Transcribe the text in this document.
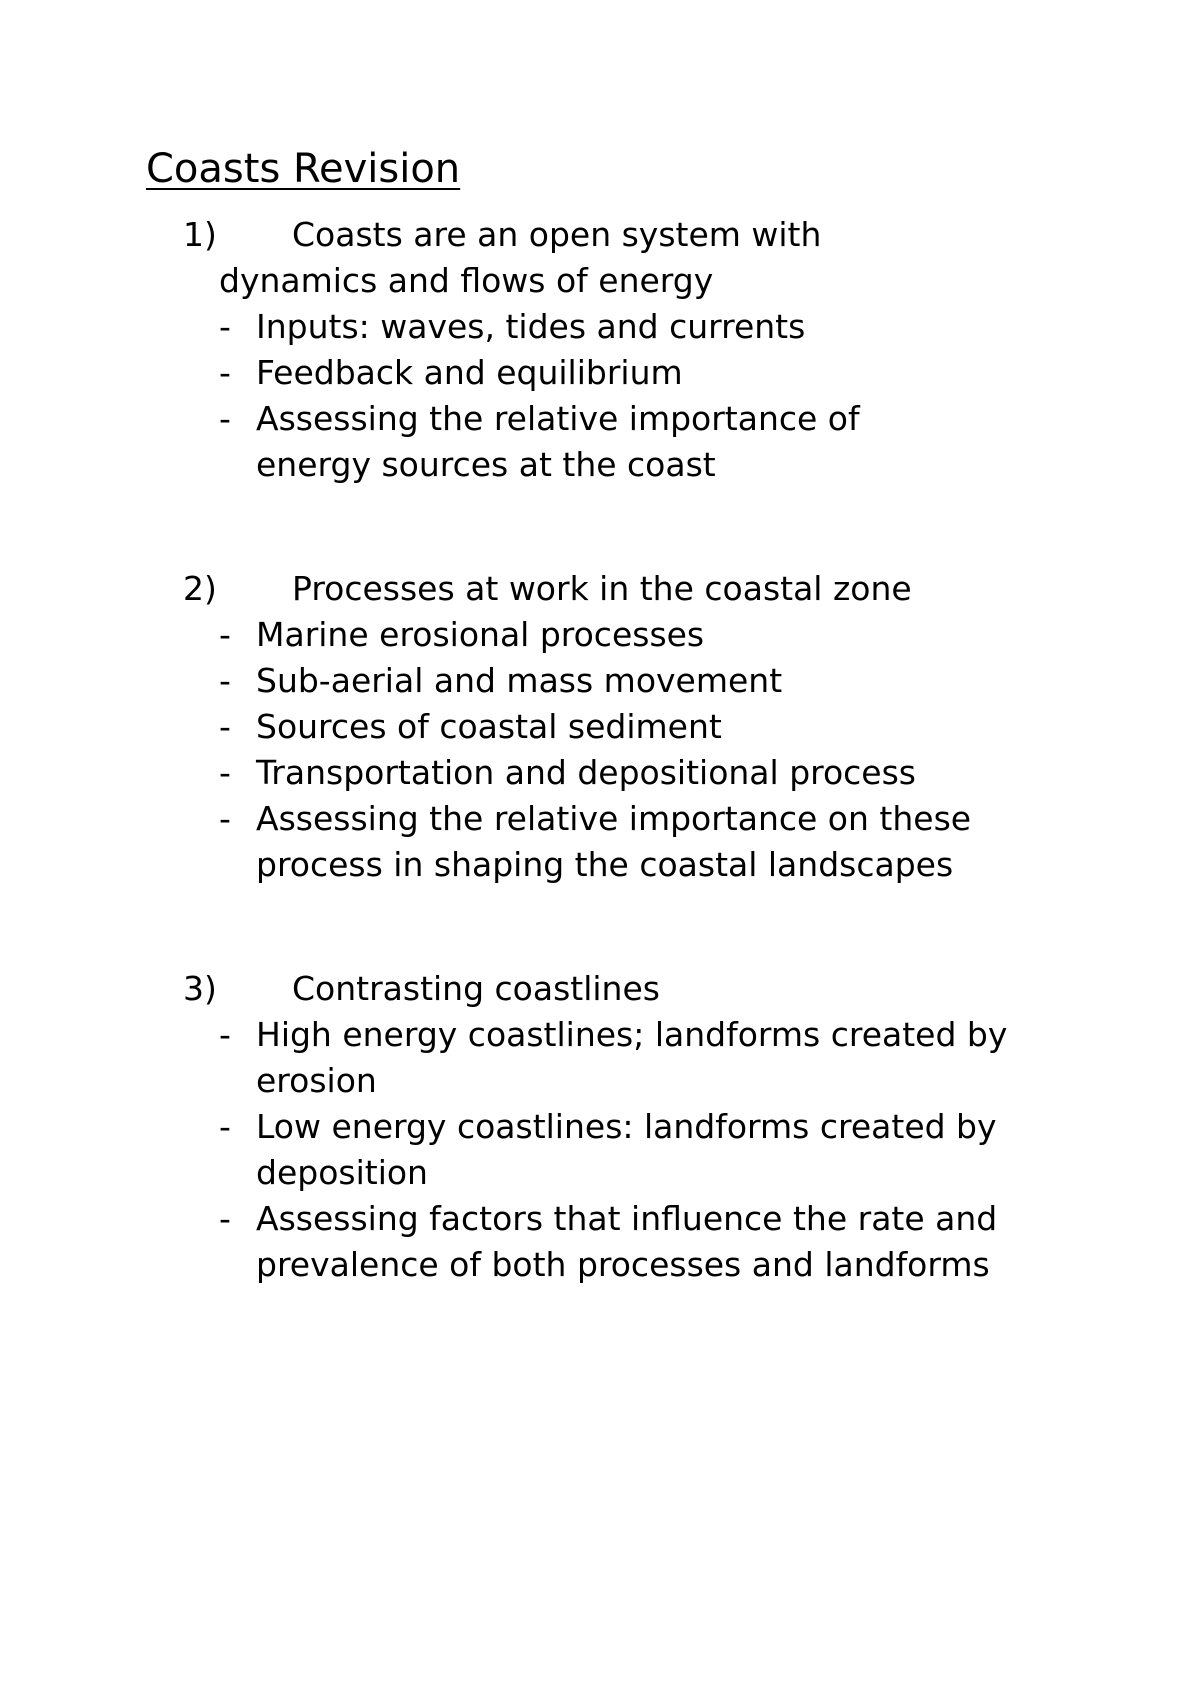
Coasts Revision
1) Coasts are an open system with
dynamics and flows of energy
- Inputs: waves, tides and currents
- Feedback and equilibrium
- Assessing the relative importance of energy sources at the coast
2) Processes at work in the coastal zone
- Marine erosional processes
- Sub-aerial and mass movement
- Sources of coastal sediment
- Transportation and depositional process
- Assessing the relative importance on these process in shaping the coastal landscapes
3) Contrasting coastlines
- High energy coastlines; landforms created by erosion
- Low energy coastlines: landforms created by deposition
- Assessing factors that influence the rate and prevalence of both processes and landforms
